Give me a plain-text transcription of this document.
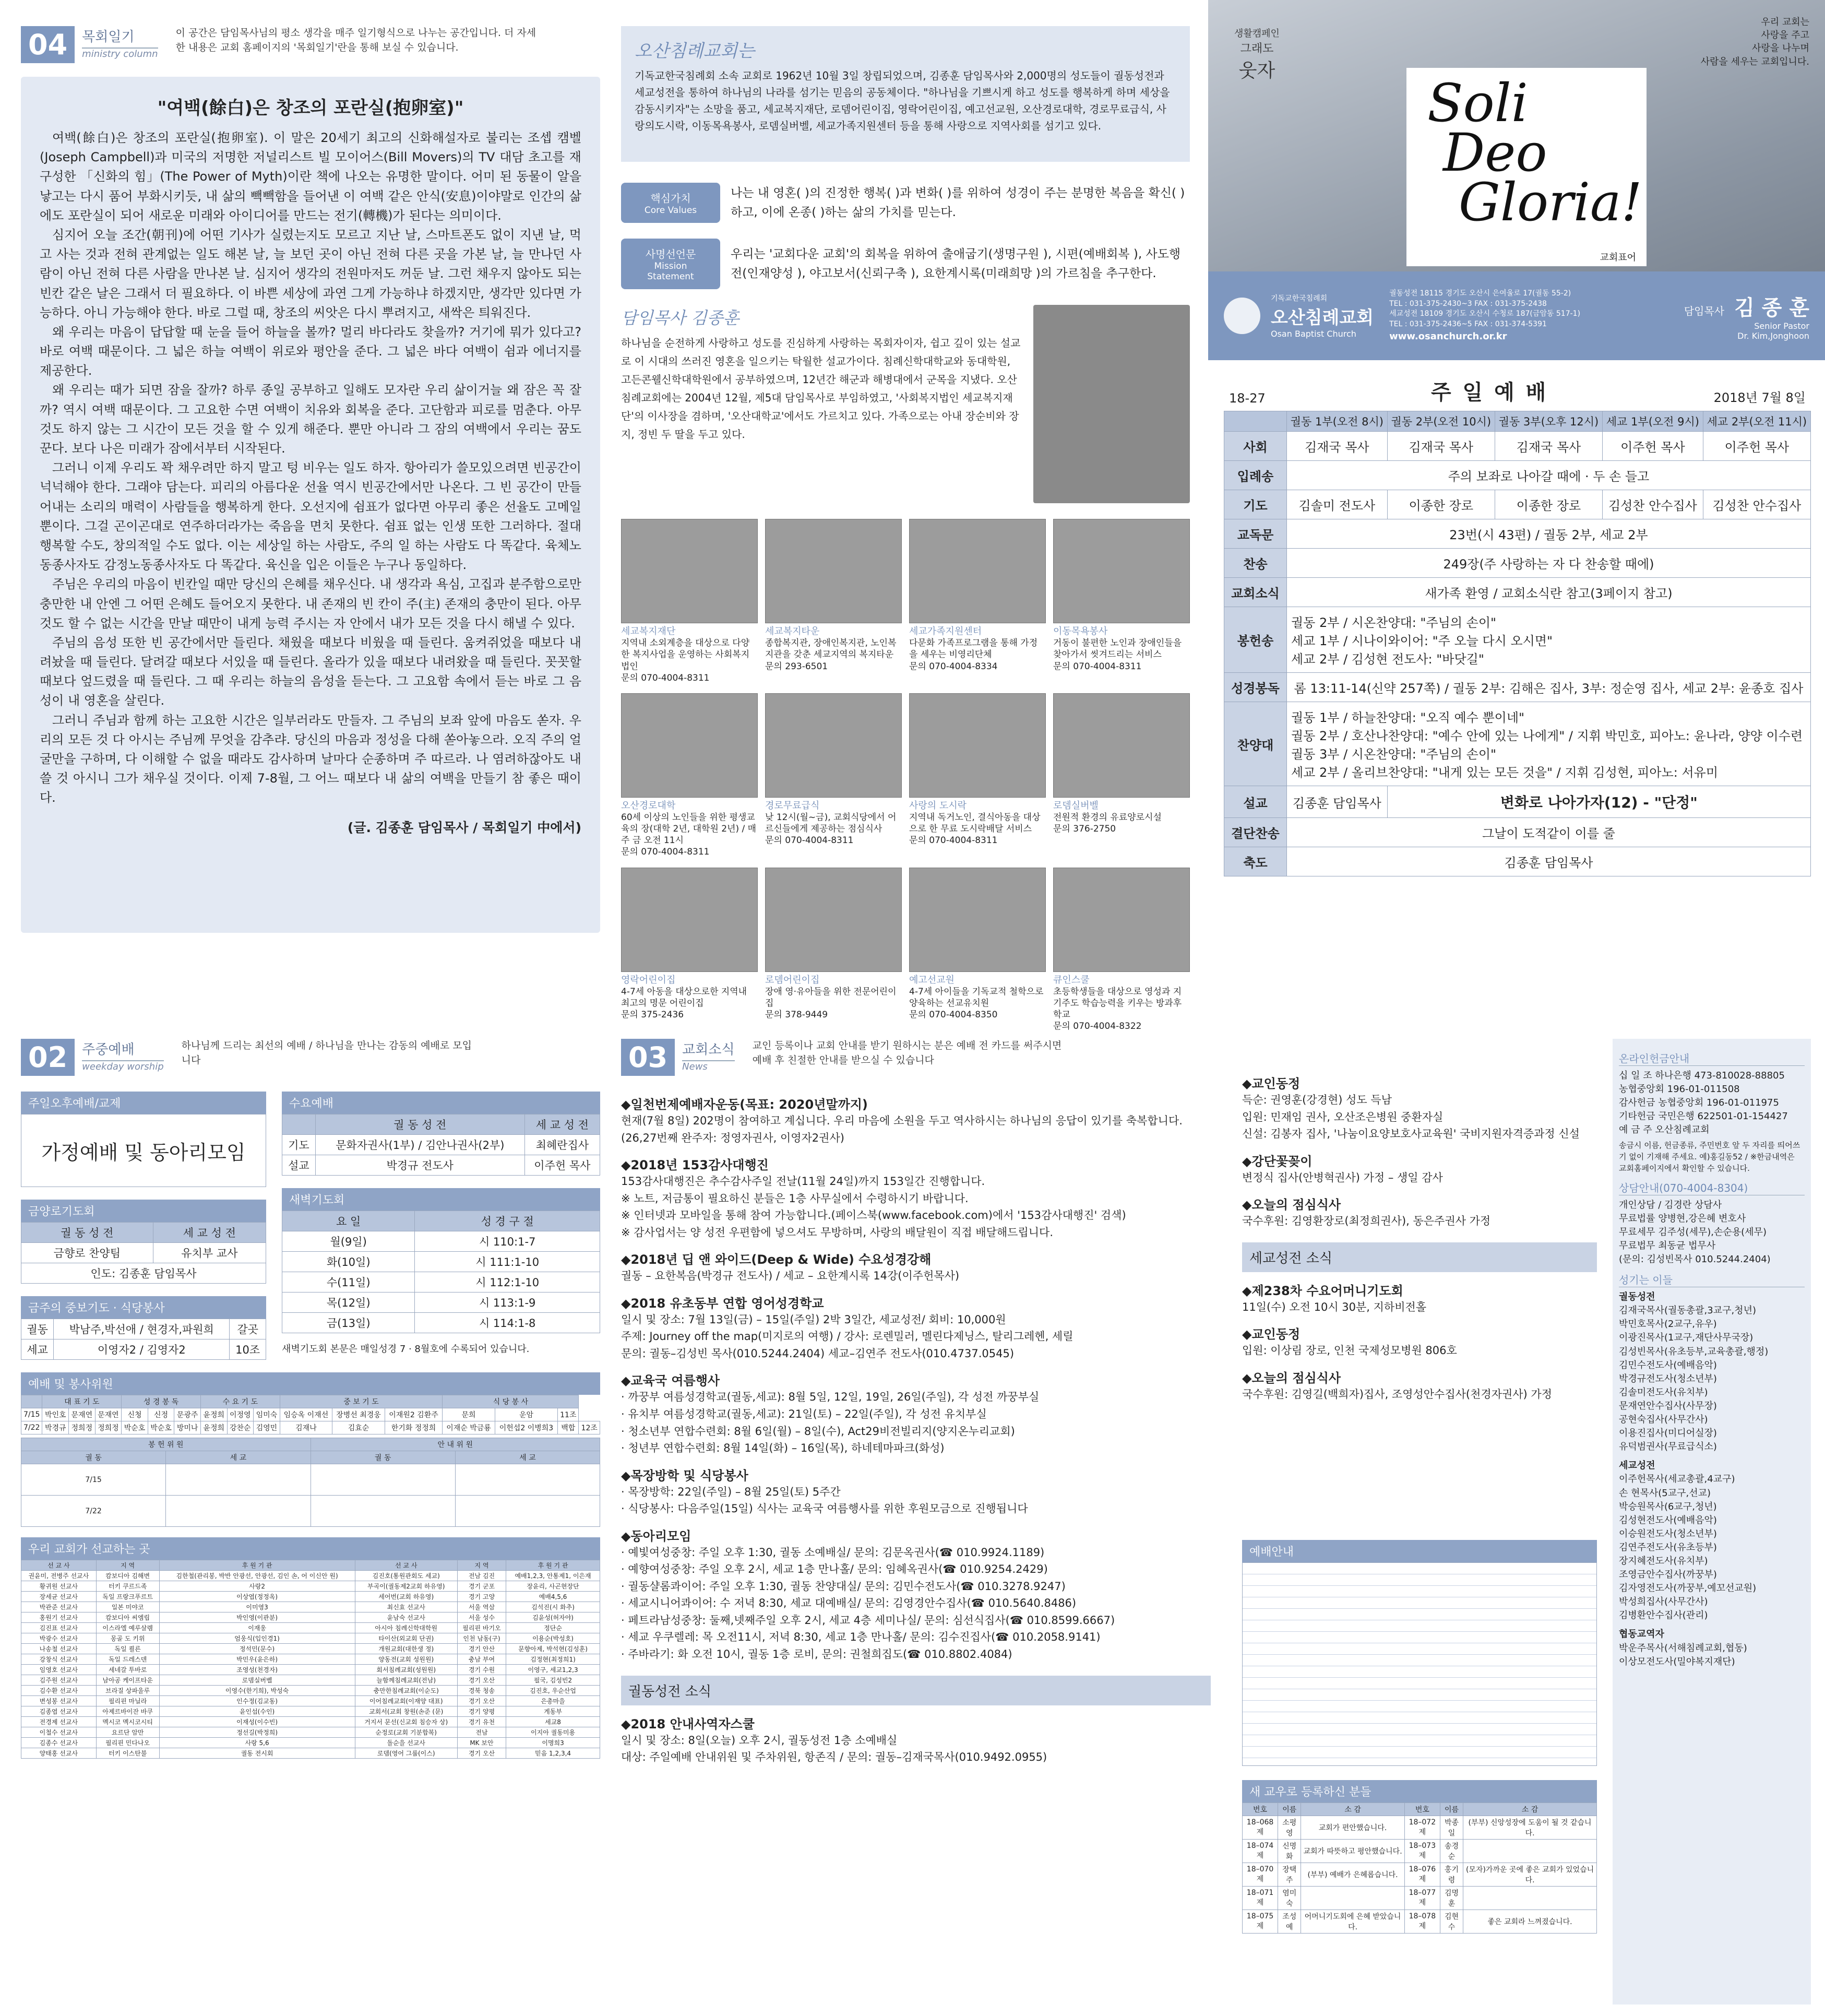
04	목회일기
ministry column
이 공간은 담임목사님의 평소 생각을 매주 일기형식으로 나누는 공간입니다. 더 자세한 내용은 교회 홈페이지의 '목회일기'란을 통해 보실 수 있습니다.
"여백(餘白)은 창조의 포란실(抱卵室)"

여백(餘白)은 창조의 포란실(抱卵室). 이 말은 20세기 최고의 신화해설자로 불리는 조셉 캠벨(Joseph Campbell)과 미국의 저명한 저널리스트 빌 모이어스(Bill Movers)의 TV 대담 초고를 재구성한 「신화의 힘」(The Power of Myth)이란 책에 나오는 유명한 말이다. 어미 된 동물이 알을 낳고는 다시 품어 부화시키듯, 내 삶의 빽빽함을 들어낸 이 여백 같은 안식(安息)이야말로 인간의 삶에도 포란실이 되어 새로운 미래와 아이디어를 만드는 전기(轉機)가 된다는 의미이다.

심지어 오늘 조간(朝刊)에 어떤 기사가 실렸는지도 모르고 지난 날, 스마트폰도 없이 지낸 날, 먹고 사는 것과 전혀 관계없는 일도 해본 날, 늘 보던 곳이 아닌 전혀 다른 곳을 가본 날, 늘 만나던 사람이 아닌 전혀 다른 사람을 만나본 날. 심지어 생각의 전원마저도 꺼둔 날. 그런 채우지 않아도 되는 빈칸 같은 날은 그래서 더 필요하다. 이 바쁜 세상에 과연 그게 가능하냐 하겠지만, 생각만 있다면 가능하다. 아니 가능해야 한다. 바로 그럴 때, 창조의 씨앗은 다시 뿌려지고, 새싹은 틔워진다.

왜 우리는 마음이 답답할 때 눈을 들어 하늘을 볼까? 멀리 바다라도 찾을까? 거기에 뭐가 있다고? 바로 여백 때문이다. 그 넓은 하늘 여백이 위로와 평안을 준다. 그 넓은 바다 여백이 쉼과 에너지를 제공한다.

왜 우리는 때가 되면 잠을 잘까? 하루 종일 공부하고 일해도 모자란 우리 삶이거늘 왜 잠은 꼭 잘까? 역시 여백 때문이다. 그 고요한 수면 여백이 치유와 회복을 준다. 고단함과 피로를 멈춘다. 아무 것도 하지 않는 그 시간이 모든 것을 할 수 있게 해준다. 뿐만 아니라 그 잠의 여백에서 우리는 꿈도 꾼다. 보다 나은 미래가 잠에서부터 시작된다.

그러니 이제 우리도 꽉 채우려만 하지 말고 텅 비우는 일도 하자. 항아리가 쓸모있으려면 빈공간이 넉넉해야 한다. 그래야 담는다. 피리의 아름다운 선율 역시 빈공간에서만 나온다. 그 빈 공간이 만들어내는 소리의 매력이 사람들을 행복하게 한다. 오선지에 쉼표가 없다면 아무리 좋은 선율도 고메일 뿐이다. 그걸 곤이곤대로 연주하더라가는 죽음을 면치 못한다. 쉼표 없는 인생 또한 그러하다. 절대 행복할 수도, 창의적일 수도 없다. 이는 세상일 하는 사람도, 주의 일 하는 사람도 다 똑같다. 육체노동종사자도 감정노동종사자도 다 똑같다. 육신을 입은 이들은 누구나 동일하다.

주님은 우리의 마음이 빈칸일 때만 당신의 은혜를 채우신다. 내 생각과 욕심, 고집과 분주함으로만 충만한 내 안엔 그 어떤 은혜도 들어오지 못한다. 내 존재의 빈 칸이 주(主) 존재의 충만이 된다. 아무 것도 할 수 없는 시간을 만날 때만이 내게 능력 주시는 자 안에서 내가 모든 것을 다시 해낼 수 있다.

주님의 음성 또한 빈 공간에서만 들린다. 채웠을 때보다 비웠을 때 들린다. 움켜쥐었을 때보다 내려놨을 때 들린다. 달려갈 때보다 서있을 때 들린다. 올라가 있을 때보다 내려왔을 때 들린다. 꼿꼿할 때보다 엎드렸을 때 들린다. 그 때 우리는 하늘의 음성을 듣는다. 그 고요함 속에서 듣는 바로 그 음성이 내 영혼을 살린다.

그러니 주님과 함께 하는 고요한 시간은 일부러라도 만들자. 그 주님의 보좌 앞에 마음도 쏟자. 우리의 모든 것 다 아시는 주님께 무엇을 감추랴. 당신의 마음과 정성을 다해 쏟아놓으라. 오직 주의 얼굴만을 구하며, 다 이해할 수 없을 때라도 감사하며 날마다 순종하며 주 따르라. 나 염려하잖아도 내 쓸 것 아시니 그가 채우실 것이다. 이제 7-8월, 그 어느 때보다 내 삶의 여백을 만들기 참 좋은 때이다.

(글. 김종훈 담임목사 / 목회일기 中에서)
오산침례교회는
기독교한국침례회 소속 교회로 1962년 10월 3일 창립되었으며, 김종훈 담임목사와 2,000명의 성도들이 궐동성전과 세교성전을 통하여 하나님의 나라를 섬기는 믿음의 공동체이다. "하나님을 기쁘시게 하고 성도를 행복하게 하며 세상을 감동시키자"는 소망을 품고, 세교복지재단, 로뎀어린이집, 영락어린이집, 예고선교원, 오산경로대학, 경로무료급식, 사랑의도시락, 이동목욕봉사, 로뎀실버벨, 세교가족지원센터 등을 통해 사랑으로 지역사회를 섬기고 있다.
핵심가치
Core Values
나는 내 영혼( )의 진정한 행복( )과 변화( )를 위하여 성경이 주는 분명한 복음을 확신( )하고, 이에 온종( )하는 삶의 가치를 믿는다.
사명선언문
Mission Statement
우리는 '교회다운 교회'의 회복을 위하여 출애굽기(생명구원 ), 시편(예배회복 ), 사도행전(인재양성 ), 야고보서(신뢰구축 ), 요한계시록(미래희망 )의 가르침을 추구한다.
담임목사 김종훈
하나님을 순전하게 사랑하고 성도를 진심하게 사랑하는 목회자이자, 쉽고 깊이 있는 설교로 이 시대의 쓰러진 영혼을 일으키는 탁월한 설교가이다. 침례신학대학교와 동대학원, 고든콘웰신학대학원에서 공부하였으며, 12년간 해군과 해병대에서 군목을 지냈다. 오산침례교회에는 2004년 12월, 제5대 담임목사로 부임하였고, '사회복지법인 세교복지재단'의 이사장을 겸하며, '오산대학교'에서도 가르치고 있다. 가족으로는 아내 장순비와 장지, 정빈 두 딸을 두고 있다.
세교복지재단
지역내 소외계층을 대상으로 다양한 복지사업을 운영하는 사회복지법인
문의 070-4004-8311
세교복지타운
종합복지관, 장애인복지관, 노인복지관을 갖춘 세교지역의 복지타운
문의 293-6501
세교가족지원센터
다문화 가족프로그램을 통해 가정을 세우는 비영리단체
문의 070-4004-8334
이동목욕봉사
거동이 불편한 노인과 장애인들을 찾아가서 씻겨드리는 서비스
문의 070-4004-8311
오산경로대학
60세 이상의 노인들을 위한 평생교육의 장(대학 2년, 대학원 2년) / 매주 금 오전 11시
문의 070-4004-8311
경로무료급식
낮 12시(월~금), 교회식당에서 어르신들에게 제공하는 점심식사
문의 070-4004-8311
사랑의 도시락
지역내 독거노인, 결식아동을 대상으로 한 무료 도시락배달 서비스
문의 070-4004-8311
로뎀실버벨
전원적 환경의 유료양로시설
문의 376-2750
영락어린이집
4-7세 아동을 대상으로한 지역내 최고의 명문 어린이집
문의 375-2436
로뎀어린이집
장애 영·유아들을 위한 전문어린이집
문의 378-9449
예고선교원
4-7세 아이들을 기독교적 철학으로 양육하는 선교유치원
문의 070-4004-8350
큐인스쿨
초등학생들을 대상으로 영성과 지기주도 학습능력을 키우는 방과후학교
문의 070-4004-8322
생활캠페인
그래도
웃자
우리 교회는
사랑을 주고
사랑을 나누며
사람을 세우는 교회입니다.
Soli
Deo
Gloria!
교회표어
기독교한국침례회
오산침례교회
Osan Baptist Church
궐동성전 18115 경기도 오산시 은여울로 17(궐동 55-2)
TEL : 031-375-2430~3 FAX : 031-375-2438
세교성전 18109 경기도 오산시 수청로 187(금암동 517-1)
TEL : 031-375-2436~5 FAX : 031-374-5391
www.osanchurch.or.kr
담임목사 김 종 훈
Senior Pastor
Dr. Kim,Jonghoon
18-27	주 일 예 배	2018년 7월 8일
	궐동 1부(오전 8시)	궐동 2부(오전 10시)	궐동 3부(오후 12시)	세교 1부(오전 9시)	세교 2부(오전 11시)
사회	김재국 목사	김재국 목사	김재국 목사	이주헌 목사	이주헌 목사
입례송	주의 보좌로 나아갈 때에 · 두 손 들고				
기도	김솔미 전도사	이종한 장로	이종한 장로	김성찬 안수집사	김성찬 안수집사
교독문	23번(시 43편) / 궐동 2부, 세교 2부				
찬송	249장(주 사랑하는 자 다 찬송할 때에)				
교회소식	새가족 환영 / 교회소식란 참고(3페이지 참고)				
봉헌송	궐동 2부 / 시온찬양대: "주님의 손이"
세교 1부 / 시나이와이어: "주 오늘 다시 오시면"
세교 2부 / 김성현 전도사: "바닷길"				

성경봉독	롬 13:11-14(신약 257쪽) / 궐동 2부: 김해은 집사, 3부: 정순영 집사, 세교 2부: 윤종호 집사				
찬양대	궐동 1부 / 하늘찬양대: "오직 예수 뿐이네"
궐동 2부 / 호산나찬양대: "예수 안에 있는 나에게" / 지휘 박민호, 피아노: 윤나라, 양양 이수련
궐동 3부 / 시온찬양대: "주님의 손이"
세교 2부 / 올리브찬양대: "내게 있는 모든 것을" / 지휘 김성현, 피아노: 서유미				

설교	김종훈 담임목사	변화로 나아가자(12) - "단정"			
결단찬송	그날이 도적같이 이를 줄				
축도	김종훈 담임목사				
02	주중예배
weekday worship
하나님께 드리는 최선의 예배 / 하나님을 만나는 감동의 예배로 모입니다
주일오후예배/교제
가정예배 및 동아리모임
금양로기도회
궐 동 성 전	세 교 성 전
금향로 찬양팀	유치부 교사
인도: 김종훈 담임목사	
금주의 중보기도 · 식당봉사
궐동	박남주,박선애 / 현경자,파원희	갈곳
세교	이영자2 / 김영자2	10조
수요예배
	궐 동 성 전	세 교 성 전
기도	문화자권사(1부) / 김안나권사(2부)	최혜란집사
설교	박경규 전도사	이주헌 목사
새벽기도회
요 일	성 경 구 절
월(9일)	시 110:1-7
화(10일)	시 111:1-10
수(11일)	시 112:1-10
목(12일)	시 113:1-9
금(13일)	시 114:1-8
새벽기도회 본문은 매일성경 7 · 8월호에 수록되어 있습니다.
예배 및 봉사위원
	대 표 기 도			성 경 봉 독			수 요 기 도			중 보 기 도			식 당 봉 사			
7/15	박인호	문재연	문재연	신청	신정	문광주	윤정희	이정영	임미숙	임승옥 이재선	장병선 최경웅	이재원2 김환주	문희	운암	11조	
7/22	박경규	정희정	정희정	박순호	박순호	방미나	윤정희	강찬순	김영민	김재나	김효순	한기화 정정희	이재순 박금룡	이헌섭2 이병희3	백합	12조
봉 헌 위 원		안 내 위 원	
궐 동	세 교	궐 동	세 교
7/15			
7/22			
우리 교회가 선교하는 곳
선 교 사	지 역	후 원 기 관	선 교 사	지 역	후 원 기 관
권윤미, 전병주 선교사	캄보디아 김해변	김한철(관리봉, 박반 안광선, 안광선, 김인 손, 어 이신안 원)	김진호(통원관회도 세교)	전남 김진	예배1,2,3, 안통제1, 이은재
황귀원 선교사	터키 쿠르드족	사랑2	부곡이(궐동제2교회 하유영)	경기 군포	장윤리, 사곤현장단
장세균 선교사	독일 프랑크푸르트	이상엽(정정옥)	세어번(교회 하유영)	경기 고양	예배4,5,6
박관준 선교사	일본 미야코	이미영3	최신효 선교사	서울 역삼	김석진(시 화추)
홍원기 선교사	캄보디아 씨엠립	박인영(이관분)	윤남숙 선교사	서울 성수	김윤성(허자야)
김진표 선교사	이스라엘 예루살렘	이재웅	아시아 침례신학대학원	필리핀 바기오	정단순
박광수 선교사	몽골 도 키위	엄웅식(입인경1)	타이산(외교회 단권)	인천 남동(구)	이용순(박성호)
나송철 선교사	독일 쾰른	정석민(문수)	개원교회(대한생 정)	경기 안산	문향아제, 박석현(김성훈)
강창식 선교사	독일 드레스덴	박민우(윤은하)	양동전(교회 성원원)	충남 부여	김정현(최정희1)
임영호 선교사	세네갈 투바로	조영성(천경자)	회서침례교회(성원원)	경기 수원	이영구, 세교1,2,3
김주원 선교사	남아공 케이프타운	로뎀실버벨	늘함께침례교회(전남)	경기 오산	필국, 김성빈2
김수환 선교사	브라질 상파울루	이영수(한기희), 박성숙	충만한침례교회(이순도)	경북 청송	김진호, 우순산업
변성봉 선교사	필리핀 마닐라	인수정(김교동)	이어침례교회(이재양 대표)	경기 오산	은총마을
김종엽 선교사	아제르바이잔 바쿠	윤인섭(수인)	교회서(교회 창원(손준 (문)	경기 양평	게동부
전경제 선교사	멕시코 멕시코시티	이재성(이수빈)	거지서 문선(신교회 침승자 상)	경기 유천	세교8
이철수 선교사	요르단 암만	정선길(박정희)	순정로(교회 기분합복)	전남	이지아 궐동미용
김종수 선교사	필리핀 민다나오	사랑 5,6	돌순을 선교사	MK 보안	이명희3
양태홍 선교사	터키 이스탄불	궐동 전시회	로뎀(영어 그룹(이스)	경기 오산	믿음 1,2,3,4
03	교회소식
News
교인 등록이나 교회 안내를 받기 원하시는 분은 예배 전 카드를 써주시면 예배 후 친절한 안내를 받으실 수 있습니다
◆일천번제예배자운동(목표: 2020년말까지)
현재(7월 8일) 202명이 참여하고 계십니다. 우리 마음에 소원을 두고 역사하시는 하나님의 응답이 있기를 축복합니다.(26,27번째 완주자: 정영자권사, 이영자2권사)
◆2018년 153감사대행진
153감사대행진은 추수감사주일 전날(11월 24일)까지 153일간 진행합니다.
※ 노트, 저금통이 필요하신 분들은 1층 사무실에서 수령하시기 바랍니다.
※ 인터넷과 모바일을 통해 참여 가능합니다.(페이스북(www.facebook.com)에서 '153감사대행진' 검색)
※ 감사업서는 양 성전 우편함에 넣으셔도 무방하며, 사랑의 배달원이 직접 배달해드립니다.
◆2018년 딥 앤 와이드(Deep & Wide) 수요성경강해
궐동 – 요한복음(박경규 전도사) / 세교 – 요한계시록 14강(이주헌목사)
◆2018 유초동부 연합 영어성경학교
일시 및 장소: 7월 13일(금) – 15일(주일) 2박 3일간, 세교성전/ 회비: 10,000원
주제: Journey off the map(미지로의 여행) / 강사: 로렌밀러, 멜린다제닝스, 탈리그레헨, 세릴
문의: 궐동–김성빈 목사(010.5244.2404) 세교–김연주 전도사(010.4737.0545)
◆교육국 여름행사
· 까꿍부 여름성경학교(궐동,세교): 8월 5일, 12일, 19일, 26일(주일), 각 성전 까꿍부실
· 유치부 여름성경학교(궐동,세교): 21일(토) – 22일(주일), 각 성전 유치부실
· 청소년부 연합수련회: 8월 6일(월) – 8일(수), Act29비전빌리지(양지온누리교회)
· 청년부 연합수련회: 8월 14일(화) – 16일(목), 하네테마파크(화성)
◆목장방학 및 식당봉사
· 목장방학: 22일(주일) – 8월 25일(토) 5주간
· 식당봉사: 다음주일(15일) 식사는 교육국 여름행사를 위한 후원모금으로 진행됩니다
◆동아리모임
· 예빛여성중창: 주일 오후 1:30, 궐동 소예배실/ 문의: 김문옥권사(☎ 010.9924.1189)
· 예향여성중창: 주일 오후 2시, 세교 1층 만나홀/ 문의: 임혜옥권사(☎ 010.9254.2429)
· 궐동샬롬콰이어: 주일 오후 1:30, 궐동 찬양대실/ 문의: 김민수전도사(☎ 010.3278.9247)
· 세교시니어콰이어: 수 저녁 8:30, 세교 대예배실/ 문의: 김영경안수집사(☎ 010.5640.8486)
· 페트라남성중창: 둘째,넷째주일 오후 2시, 세교 4층 세미나실/ 문의: 심선식집사(☎ 010.8599.6667)
· 세교 우쿠렐레: 목 오전11시, 저녁 8:30, 세교 1층 만나홀/ 문의: 김수진집사(☎ 010.2058.9141)
· 주바라기: 화 오전 10시, 궐동 1층 로비, 문의: 권철희집도(☎ 010.8802.4084)
궐동성전 소식
◆2018 안내사역자스쿨
일시 및 장소: 8일(오늘) 오후 2시, 궐동성전 1층 소예배실
대상: 주일예배 안내위원 및 주차위원, 항존직 / 문의: 궐동–김재국목사(010.9492.0955)
◆교인동정
득순: 권영훈(강경현) 성도 득남
입원: 민재임 권사, 오산조은병원 중환자실
신설: 김봉자 집사, '나눔이요양보호사교육원' 국비지원자격증과정 신설
◆강단꽃꽂이
변정식 집사(안병혁권사) 가정 – 생일 감사
◆오늘의 점심식사
국수후원: 김영환장로(최정희권사), 동은주권사 가정
세교성전 소식
◆제238차 수요어머니기도회
11일(수) 오전 10시 30분, 지하비전홀
◆교인동정
입원: 이상림 장로, 인천 국제성모병원 806호
◆오늘의 점심식사
국수후원: 김영길(백희자)집사, 조영성안수집사(천경자권사) 가정
예배안내
새 교우로 등록하신 분들
번호	이름	소 감	번호	이름	소 감
18–068제	소평영	교회가 편안했습니다.	18–072제	박종일	(부부) 신앙성장에 도움이 될 것 같습니다.
18–074제	신명화	교회가 따뜻하고 평안했습니다.	18–073제	송경순	
18–070제	장택주	(부부) 예배가 은혜롭습니다.	18–076제	홍기령	(모자)가까운 곳에 좋은 교회가 있었습니다.
18–071제	염미숙		18–077제	김명훈	
18–075제	조성예	어머니기도회에 은혜 받았습니다.	18–078제	김현수	좋은 교회라 느껴졌습니다.
온라인헌금안내
십 일 조 하나은행 473-810028-88805
농협중앙회 196-01-011508
감사헌금 농협중앙회 196-01-011975
기타헌금 국민은행 622501-01-154427
예 금 주 오산침례교회
송금시 이름, 헌금종류, 주민번호 앞 두 자리를 띄어쓰기 없이 기재해 주세요. 예)홍길동52 / ※한금내역은 교회홈페이지에서 확인할 수 있습니다.
상담안내(070-4004-8304)
개인상담 / 김경란 상담사
무료법률 양병현,강은혜 변호사
무료세무 김주성(세무),손순용(세무)
무료법무 최동균 법무사
(문의: 김성빈목사 010.5244.2404)
성기는 이들
궐동성전
김재국목사(궐동총괄,3교구,청년)
박민호목사(2교구,유우)
이광진목사(1교구,재단사무국장)
김성빈목사(유초등부,교육총괄,행정)
김민수전도사(예배음악)
박경규전도사(청소년부)
김솔미전도사(유치부)
문재연안수집사(사무장)
공현숙집사(사무간사)
이용진집사(미디어실장)
유덕범권사(무료급식소)
세교성전
이주헌목사(세교총괄,4교구)
손 현목사(5교구,선교)
박승원목사(6교구,청년)
김성현전도사(예배음악)
이승원전도사(청소년부)
김연주전도사(유초등부)
장지혜전도사(유치부)
조영금안수집사(까꿍부)
김자영전도사(까꿍부,예꼬선교원)
박성희집사(사무간사)
김병환안수집사(관리)
협동교역자
박운주목사(서해침례교회,협동)
이상모전도사(밀야복지재단)
